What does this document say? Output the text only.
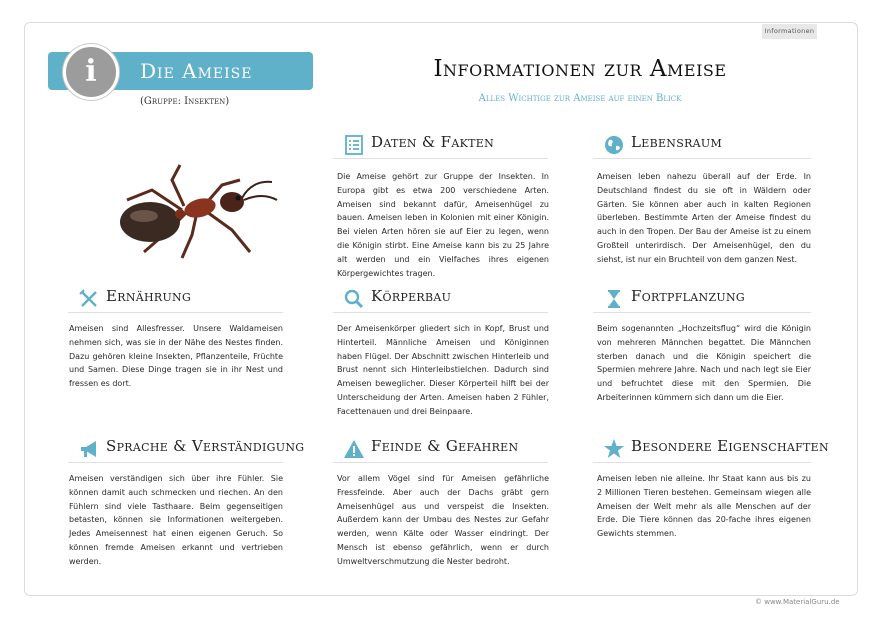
Informationen
i	Die Ameise
(Gruppe: Insekten)
Informationen zur Ameise
Alles Wichtige zur Ameise auf einen Blick
Daten & Fakten
Die Ameise gehört zur Gruppe der Insekten. In Europa gibt es etwa 200 verschiedene Arten. Ameisen sind bekannt dafür, Ameisenhügel zu bauen. Ameisen leben in Kolonien mit einer Königin. Bei vielen Arten hören sie auf Eier zu legen, wenn die Königin stirbt. Eine Ameise kann bis zu 25 Jahre alt werden und ein Vielfaches ihres eigenen Körpergewichtes tragen.
Lebensraum
Ameisen leben nahezu überall auf der Erde. In Deutschland findest du sie oft in Wäldern oder Gärten. Sie können aber auch in kalten Regionen überleben. Bestimmte Arten der Ameise findest du auch in den Tropen. Der Bau der Ameise ist zu einem Großteil unterirdisch. Der Ameisenhügel, den du siehst, ist nur ein Bruchteil von dem ganzen Nest.
Ernährung
Ameisen sind Allesfresser. Unsere Waldameisen nehmen sich, was sie in der Nähe des Nestes finden. Dazu gehören kleine Insekten, Pflanzenteile, Früchte und Samen. Diese Dinge tragen sie in ihr Nest und fressen es dort.
Körperbau
Der Ameisenkörper gliedert sich in Kopf, Brust und Hinterteil. Männliche Ameisen und Königinnen haben Flügel. Der Abschnitt zwischen Hinterleib und Brust nennt sich Hinterleibstielchen. Dadurch sind Ameisen beweglicher. Dieser Körperteil hilft bei der Unterscheidung der Arten. Ameisen haben 2 Fühler, Facettenauen und drei Beinpaare.
Fortpflanzung
Beim sogenannten „Hochzeitsflug“ wird die Königin von mehreren Männchen begattet. Die Männchen sterben danach und die Königin speichert die Spermien mehrere Jahre. Nach und nach legt sie Eier und befruchtet diese mit den Spermien. Die Arbeiterinnen kümmern sich dann um die Eier.
Sprache & Verständigung
Ameisen verständigen sich über ihre Fühler. Sie können damit auch schmecken und riechen. An den Fühlern sind viele Tasthaare. Beim gegenseitigen betasten, können sie Informationen weitergeben. Jedes Ameisennest hat einen eigenen Geruch. So können fremde Ameisen erkannt und vertrieben werden.
Feinde & Gefahren
Vor allem Vögel sind für Ameisen gefährliche Fressfeinde. Aber auch der Dachs gräbt gern Ameisenhügel aus und verspeist die Insekten. Außerdem kann der Umbau des Nestes zur Gefahr werden, wenn Kälte oder Wasser eindringt. Der Mensch ist ebenso gefährlich, wenn er durch Umweltverschmutzung die Nester bedroht.
Besondere Eigenschaften
Ameisen leben nie alleine. Ihr Staat kann aus bis zu 2 Millionen Tieren bestehen. Gemeinsam wiegen alle Ameisen der Welt mehr als alle Menschen auf der Erde. Die Tiere können das 20-fache ihres eigenen Gewichts stemmen.
© www.MaterialGuru.de
